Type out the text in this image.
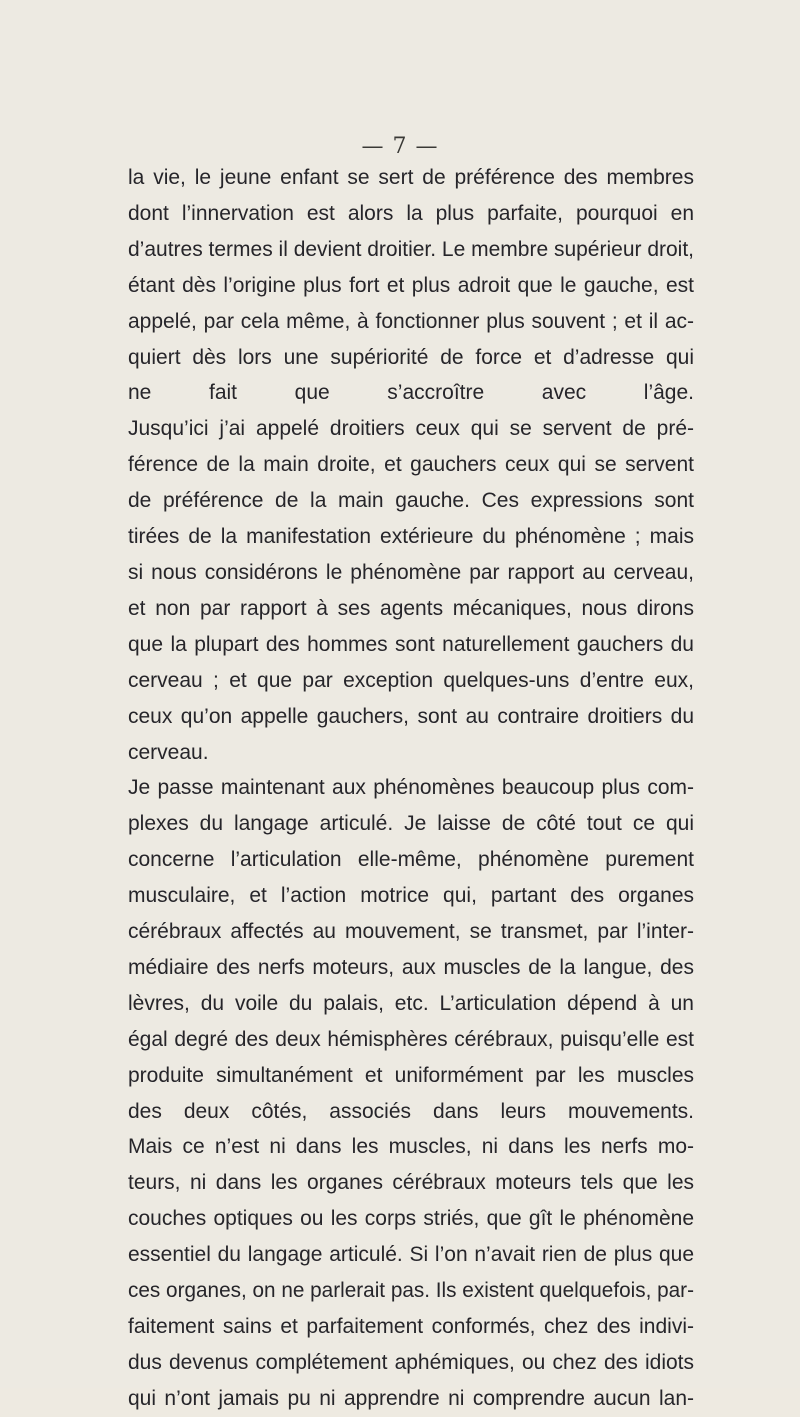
— 7 —
la vie, le jeune enfant se sert de préférence des membres
dont l’innervation est alors la plus parfaite, pourquoi en
d’autres termes il devient droitier. Le membre supérieur droit,
étant dès l’origine plus fort et plus adroit que le gauche, est
appelé, par cela même, à fonctionner plus souvent ; et il ac-
quiert dès lors une supériorité de force et d’adresse qui
ne fait que s’accroître avec l’âge.
Jusqu’ici j’ai appelé droitiers ceux qui se servent de pré-
férence de la main droite, et gauchers ceux qui se servent
de préférence de la main gauche. Ces expressions sont
tirées de la manifestation extérieure du phénomène ; mais
si nous considérons le phénomène par rapport au cerveau,
et non par rapport à ses agents mécaniques, nous dirons
que la plupart des hommes sont naturellement gauchers du
cerveau ; et que par exception quelques-uns d’entre eux,
ceux qu’on appelle gauchers, sont au contraire droitiers du
cerveau.
Je passe maintenant aux phénomènes beaucoup plus com-
plexes du langage articulé. Je laisse de côté tout ce qui
concerne l’articulation elle-même, phénomène purement
musculaire, et l’action motrice qui, partant des organes
cérébraux affectés au mouvement, se transmet, par l’inter-
médiaire des nerfs moteurs, aux muscles de la langue, des
lèvres, du voile du palais, etc. L’articulation dépend à un
égal degré des deux hémisphères cérébraux, puisqu’elle est
produite simultanément et uniformément par les muscles
des deux côtés, associés dans leurs mouvements.
Mais ce n’est ni dans les muscles, ni dans les nerfs mo-
teurs, ni dans les organes cérébraux moteurs tels que les
couches optiques ou les corps striés, que gît le phénomène
essentiel du langage articulé. Si l’on n’avait rien de plus que
ces organes, on ne parlerait pas. Ils existent quelquefois, par-
faitement sains et parfaitement conformés, chez des indivi-
dus devenus complétement aphémiques, ou chez des idiots
qui n’ont jamais pu ni apprendre ni comprendre aucun lan-
